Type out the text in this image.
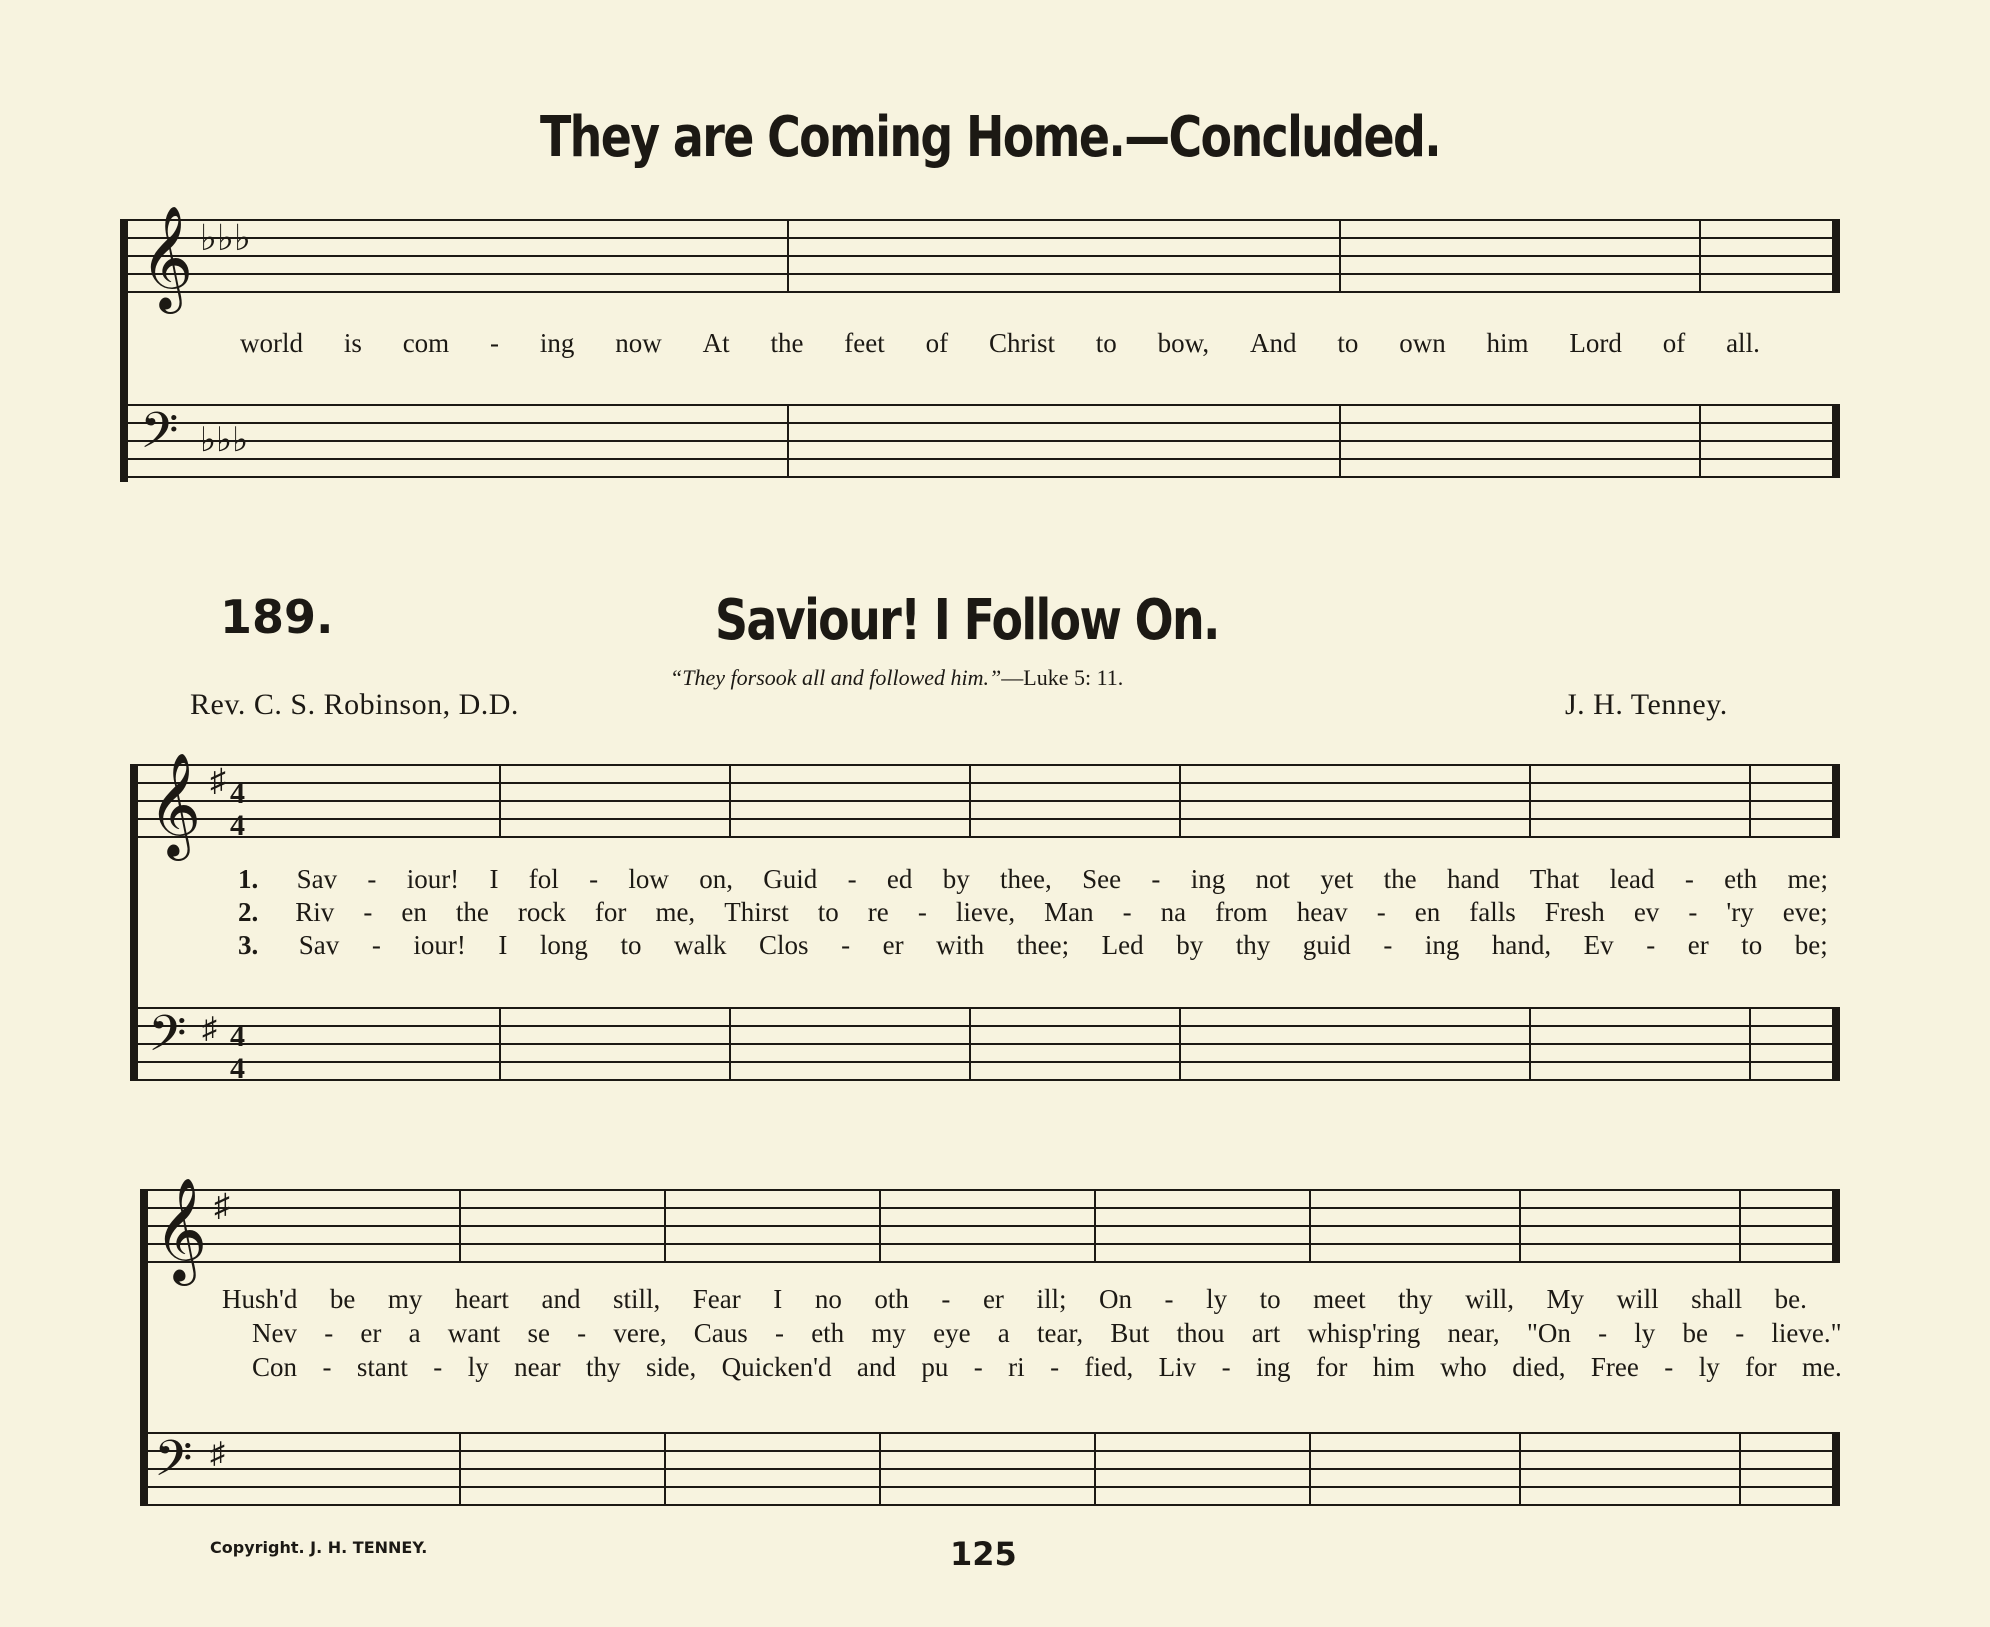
They are Coming Home.—Concluded.
𝄞 ♭♭♭
world is com - ing now At the feet of Christ to bow, And to own him Lord of all.
𝄢 ♭♭♭
189.	Saviour! I Follow On.
“They forsook all and followed him.”—Luke 5: 11.
Rev. C. S. Robinson, D.D.	J. H. Tenney.
𝄞 ♯ 4
4
1. Sav - iour! I fol - low on, Guid - ed by thee, See - ing not yet the hand That lead - eth me;
2. Riv - en the rock for me, Thirst to re - lieve, Man - na from heav - en falls Fresh ev - 'ry eve;
3. Sav - iour! I long to walk Clos - er with thee; Led by thy guid - ing hand, Ev - er to be;
𝄢 ♯ 4
4
𝄞 ♯
Hush'd be my heart and still, Fear I no oth - er ill; On - ly to meet thy will, My will shall be.
Nev - er a want se - vere, Caus - eth my eye a tear, But thou art whisp'ring near, "On - ly be - lieve."
Con - stant - ly near thy side, Quicken'd and pu - ri - fied, Liv - ing for him who died, Free - ly for me.
𝄢 ♯
Copyright. J. H. TENNEY.	125
